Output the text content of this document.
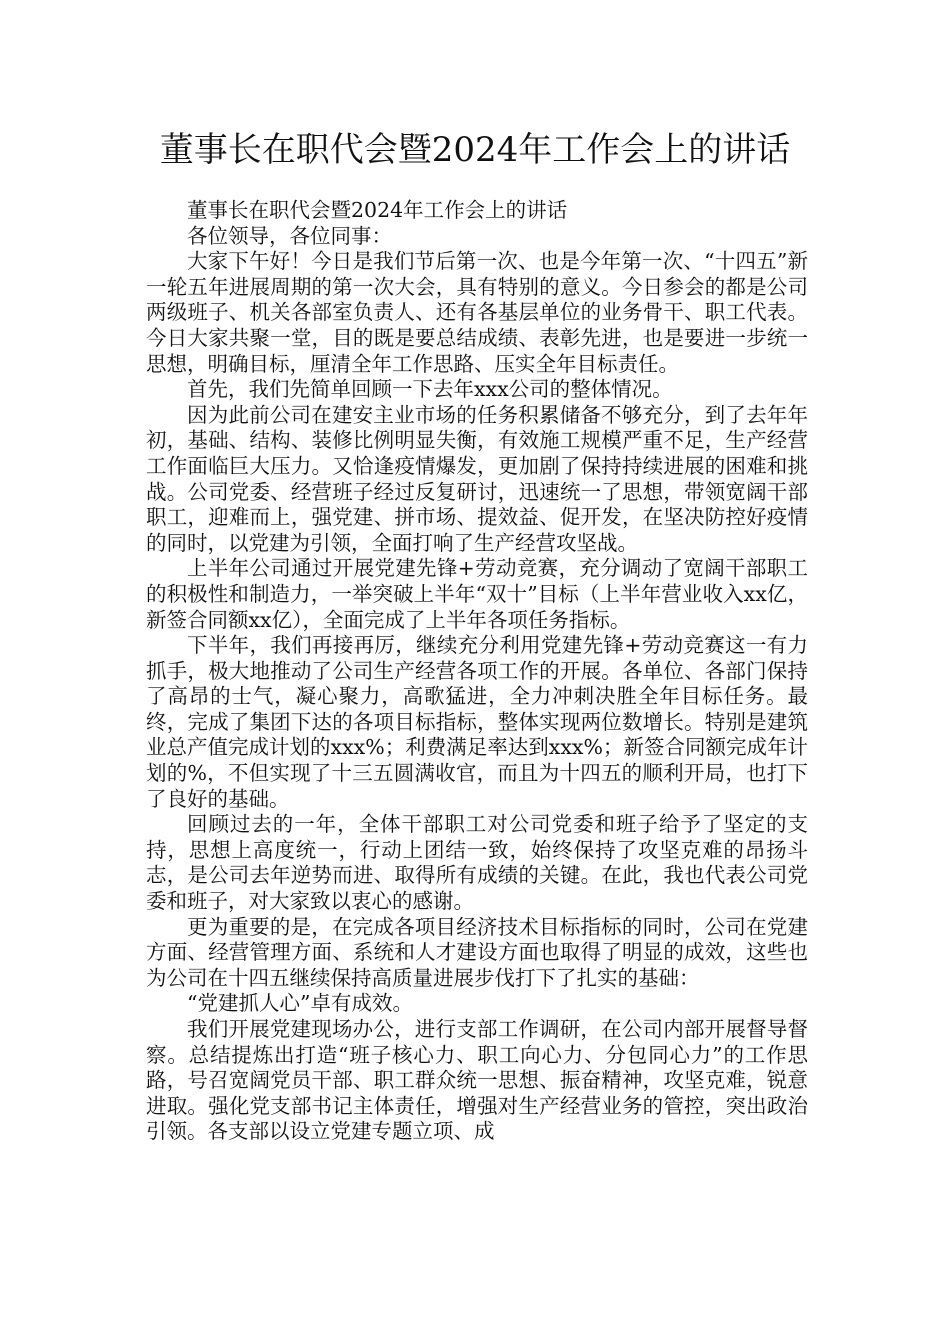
董事长在职代会暨2024年工作会上的讲话

董事长在职代会暨2024年工作会上的讲话

各位领导，各位同事：

大家下午好！今日是我们节后第一次、也是今年第一次、“十四五”新一轮五年进展周期的第一次大会，具有特别的意义。今日参会的都是公司两级班子、机关各部室负责人、还有各基层单位的业务骨干、职工代表。今日大家共聚一堂，目的既是要总结成绩、表彰先进，也是要进一步统一思想，明确目标，厘清全年工作思路、压实全年目标责任。

首先，我们先简单回顾一下去年xxx公司的整体情况。

因为此前公司在建安主业市场的任务积累储备不够充分，到了去年年初，基础、结构、装修比例明显失衡，有效施工规模严重不足，生产经营工作面临巨大压力。又恰逢疫情爆发，更加剧了保持持续进展的困难和挑战。公司党委、经营班子经过反复研讨，迅速统一了思想，带领宽阔干部职工，迎难而上，强党建、拼市场、提效益、促开发，在坚决防控好疫情的同时，以党建为引领，全面打响了生产经营攻坚战。

上半年公司通过开展党建先锋+劳动竞赛，充分调动了宽阔干部职工的积极性和制造力，一举突破上半年“双十”目标（上半年营业收入xx亿，新签合同额xx亿），全面完成了上半年各项任务指标。

下半年，我们再接再厉，继续充分利用党建先锋+劳动竞赛这一有力抓手，极大地推动了公司生产经营各项工作的开展。各单位、各部门保持了高昂的士气，凝心聚力，高歌猛进，全力冲刺决胜全年目标任务。最终，完成了集团下达的各项目标指标，整体实现两位数增长。特别是建筑业总产值完成计划的xxx%；利费满足率达到xxx%；新签合同额完成年计划的%，不但实现了十三五圆满收官，而且为十四五的顺利开局，也打下了良好的基础。

回顾过去的一年，全体干部职工对公司党委和班子给予了坚定的支持，思想上高度统一，行动上团结一致，始终保持了攻坚克难的昂扬斗志，是公司去年逆势而进、取得所有成绩的关键。在此，我也代表公司党委和班子，对大家致以衷心的感谢。

更为重要的是，在完成各项目经济技术目标指标的同时，公司在党建方面、经营管理方面、系统和人才建设方面也取得了明显的成效，这些也为公司在十四五继续保持高质量进展步伐打下了扎实的基础：

“党建抓人心”卓有成效。

我们开展党建现场办公，进行支部工作调研，在公司内部开展督导督察。总结提炼出打造“班子核心力、职工向心力、分包同心力”的工作思路，号召宽阔党员干部、职工群众统一思想、振奋精神，攻坚克难，锐意进取。强化党支部书记主体责任，增强对生产经营业务的管控，突出政治引领。各支部以设立党建专题立项、成
